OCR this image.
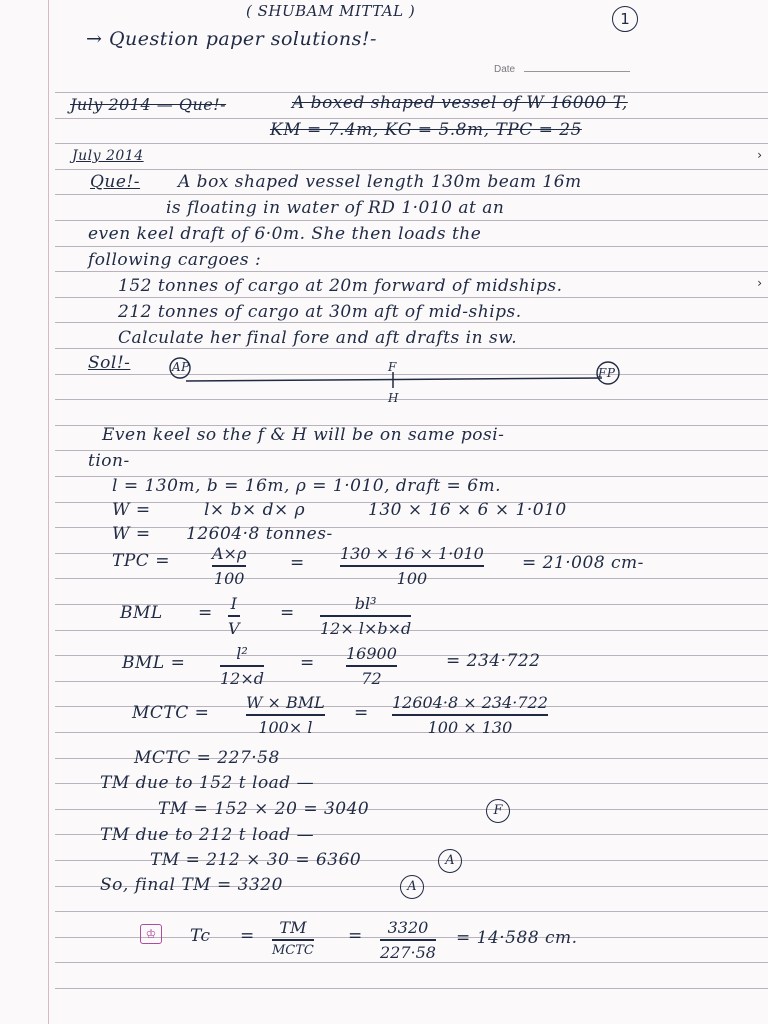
( SHUBAM MITTAL )	1
→ Question paper solutions!-
Date
July 2014 — Que!-	A boxed shaped vessel of W 16000 T,
KM = 7.4m, KG = 5.8m, TPC = 25
July 2014
Que!- A box shaped vessel length 130m beam 16m
is floating in water of RD 1·010 at an
even keel draft of 6·0m. She then loads the
following cargoes :
152 tonnes of cargo at 20m forward of midships.
212 tonnes of cargo at 30m aft of mid-ships.
Calculate her final fore and aft drafts in sw.
Sol!-	AP	FP
F
H
Even keel so the f & H will be on same posi-
tion-
l = 130m, b = 16m, ρ = 1·010, draft = 6m.
W =	l× b× d× ρ	130 × 16 × 6 × 1·010
W = 12604·8 tonnes-
TPC =	A×ρ
100
= 130 × 16 × 1·010
100
= 21·008 cm-
BML = I
V
=	bl³
12× l×b×d
BML =	l²
12×d
= 16900
72
= 234·722
MCTC =
W × BML
100× l
=
12604·8 × 234·722
100 × 130
MCTC = 227·58
TM due to 152 t load —
TM = 152 × 20 = 3040	F
TM due to 212 t load —
TM = 212 × 30 = 6360	A
So, final TM = 3320	A
♔	Tc = TM
MCTC
= 3320
227·58
= 14·588 cm.
›
›
